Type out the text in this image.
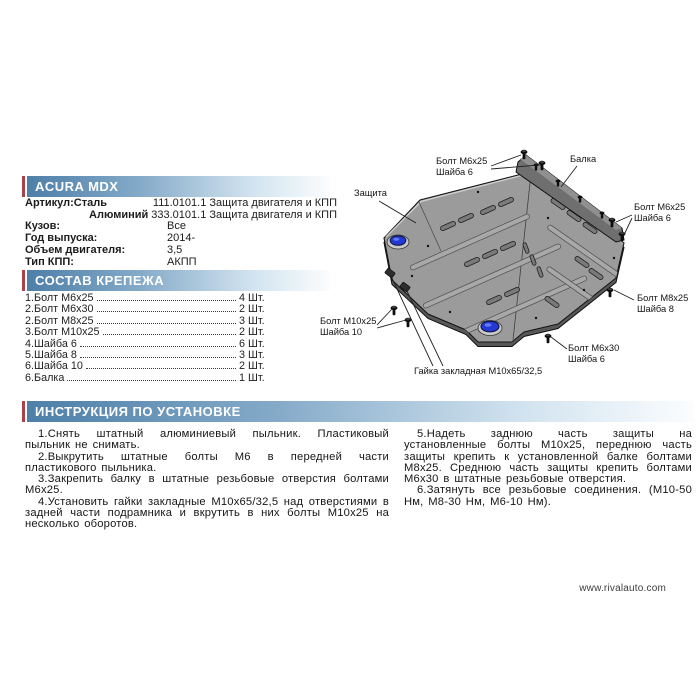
ACURA MDX
Артикул:Сталь	111.0101.1 Защита двигателя и КПП
Алюминий 333.0101.1 Защита двигателя и КПП
Кузов:	Все
Год выпуска:	2014-
Объем двигателя:	3,5
Тип КПП:	АКПП
СОСТАВ КРЕПЕЖА
1.Болт М6х25	4 Шт.
2.Болт М6х30	2 Шт.
2.Болт М8х25	3 Шт.
3.Болт М10х25	2 Шт.
4.Шайба 6	6 Шт.
5.Шайба 8	3 Шт.
6.Шайба 10	2 Шт.
6.Балка	1 Шт.
Болт М6х25
Шайба 6
Балка
Болт М6х25
Шайба 6
Защита
Болт М8х25
Шайба 8
Болт М6х30
Шайба 6
Болт М10х25
Шайба 10
Гайка закладная М10х65/32,5
ИНСТРУКЦИЯ ПО УСТАНОВКЕ

1.Снять штатный алюминиевый пыльник. Пластиковый пыльник не снимать.

2.Выкрутить штатные болты М6 в передней части пластикового пыльника.

3.Закрепить балку в штатные резьбовые отверстия болтами М6х25.

4.Установить гайки закладные М10х65/32,5 над отверстиями в задней части подрамника и вкрутить в них болты М10х25 на несколько оборотов.

5.Надеть заднюю часть защиты на установленные болты М10х25, переднюю часть защиты крепить к установленной балке болтами М8х25. Среднюю часть защиты крепить болтами М6х30 в штатные резьбовые отверстия.

6.Затянуть все резьбовые соединения. (М10-50 Нм, М8-30 Нм, М6-10 Нм).

www.rivalauto.com
